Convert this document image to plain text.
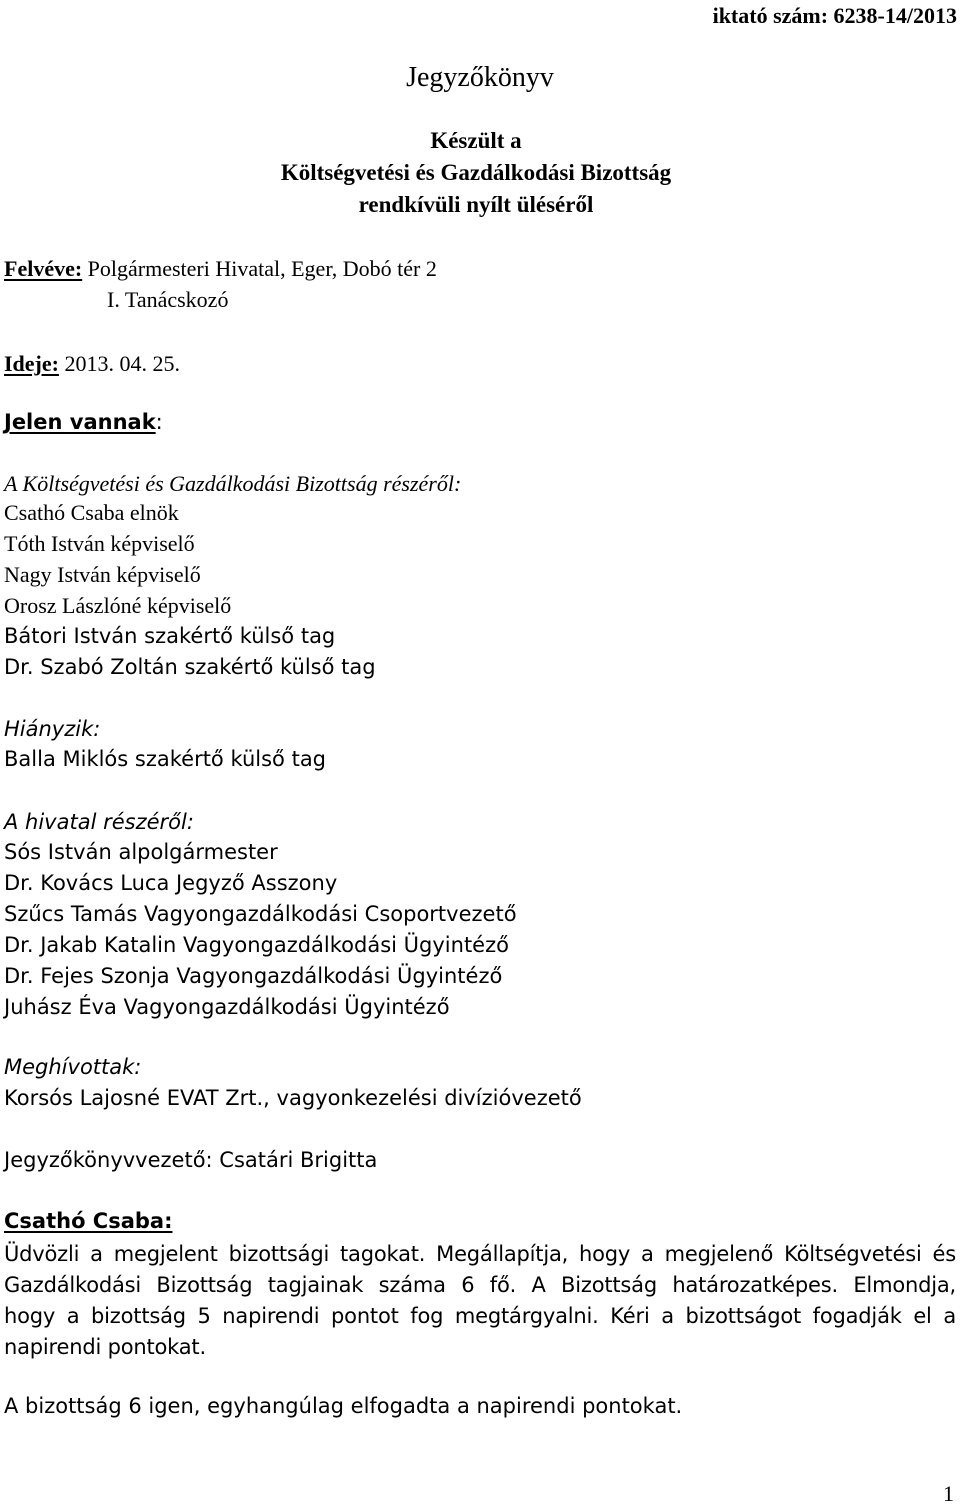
iktató szám: 6238-14/2013
Jegyzőkönyv
Készült a
Költségvetési és Gazdálkodási Bizottság
rendkívüli nyílt üléséről
Felvéve: Polgármesteri Hivatal, Eger, Dobó tér 2
I. Tanácskozó
Ideje: 2013. 04. 25.
Jelen vannak:
A Költségvetési és Gazdálkodási Bizottság részéről:
Csathó Csaba elnök
Tóth István képviselő
Nagy István képviselő
Orosz Lászlóné képviselő
Bátori István szakértő külső tag
Dr. Szabó Zoltán szakértő külső tag
Hiányzik:
Balla Miklós szakértő külső tag
A hivatal részéről:
Sós István alpolgármester
Dr. Kovács Luca Jegyző Asszony
Szűcs Tamás Vagyongazdálkodási Csoportvezető
Dr. Jakab Katalin Vagyongazdálkodási Ügyintéző
Dr. Fejes Szonja Vagyongazdálkodási Ügyintéző
Juhász Éva Vagyongazdálkodási Ügyintéző
Meghívottak:
Korsós Lajosné EVAT Zrt., vagyonkezelési divízióvezető
Jegyzőkönyvvezető: Csatári Brigitta
Csathó Csaba:
Üdvözli a megjelent bizottsági tagokat. Megállapítja, hogy a megjelenő Költségvetési és
Gazdálkodási Bizottság tagjainak száma 6 fő. A Bizottság határozatképes. Elmondja,
hogy a bizottság 5 napirendi pontot fog megtárgyalni. Kéri a bizottságot fogadják el a
napirendi pontokat.
A bizottság 6 igen, egyhangúlag elfogadta a napirendi pontokat.
1
